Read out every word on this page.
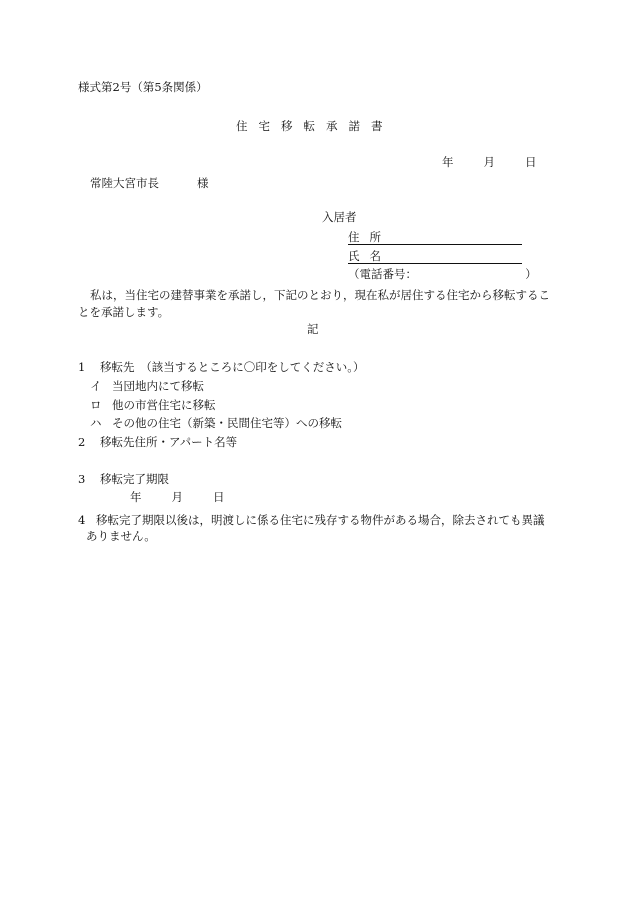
様式第2号（第5条関係）
住宅移転承諾書
年	月	日
常陸大宮市長	様
入居者
住所
氏名
（電話番号：	）
私は，当住宅の建替事業を承諾し，下記のとおり，現在私が居住する住宅から移転することを承諾します。
記
1 移転先　（該当するところに〇印をしてください。）
イ 当団地内にて移転
ロ 他の市営住宅に移転
ハ その他の住宅（新築・民間住宅等）への移転
2 移転先住所・アパート名等
3 移転完了期限
年	月	日
4 移転完了期限以後は，明渡しに係る住宅に残存する物件がある場合，除去されても異議
ありません。
